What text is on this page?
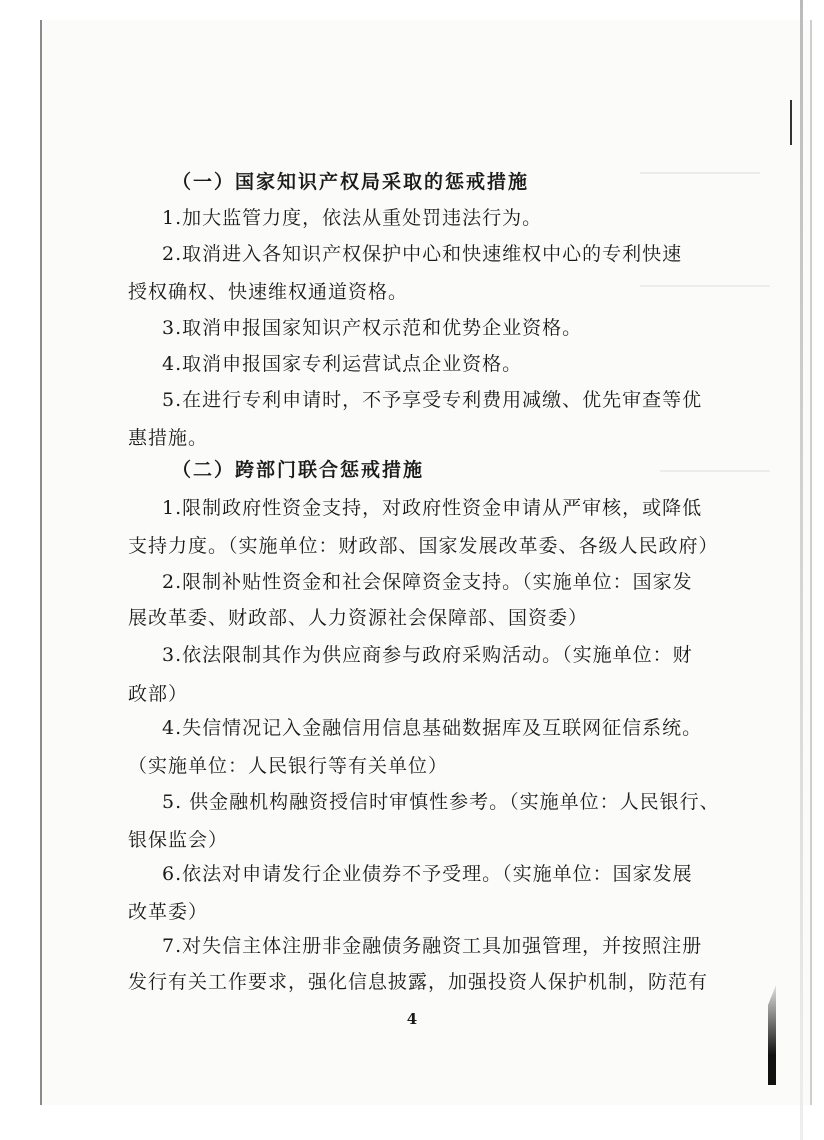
（一）国家知识产权局采取的惩戒措施
1.加大监管力度，依法从重处罚违法行为。
2.取消进入各知识产权保护中心和快速维权中心的专利快速
授权确权、快速维权通道资格。
3.取消申报国家知识产权示范和优势企业资格。
4.取消申报国家专利运营试点企业资格。
5.在进行专利申请时，不予享受专利费用减缴、优先审查等优
惠措施。
（二）跨部门联合惩戒措施
1.限制政府性资金支持，对政府性资金申请从严审核，或降低
支持力度。（实施单位：财政部、国家发展改革委、各级人民政府）
2.限制补贴性资金和社会保障资金支持。（实施单位：国家发
展改革委、财政部、人力资源社会保障部、国资委）
3.依法限制其作为供应商参与政府采购活动。（实施单位：财
政部）
4.失信情况记入金融信用信息基础数据库及互联网征信系统。
（实施单位：人民银行等有关单位）
5. 供金融机构融资授信时审慎性参考。（实施单位：人民银行、
银保监会）
6.依法对申请发行企业债券不予受理。（实施单位：国家发展
改革委）
7.对失信主体注册非金融债务融资工具加强管理，并按照注册
发行有关工作要求，强化信息披露，加强投资人保护机制，防范有
4
